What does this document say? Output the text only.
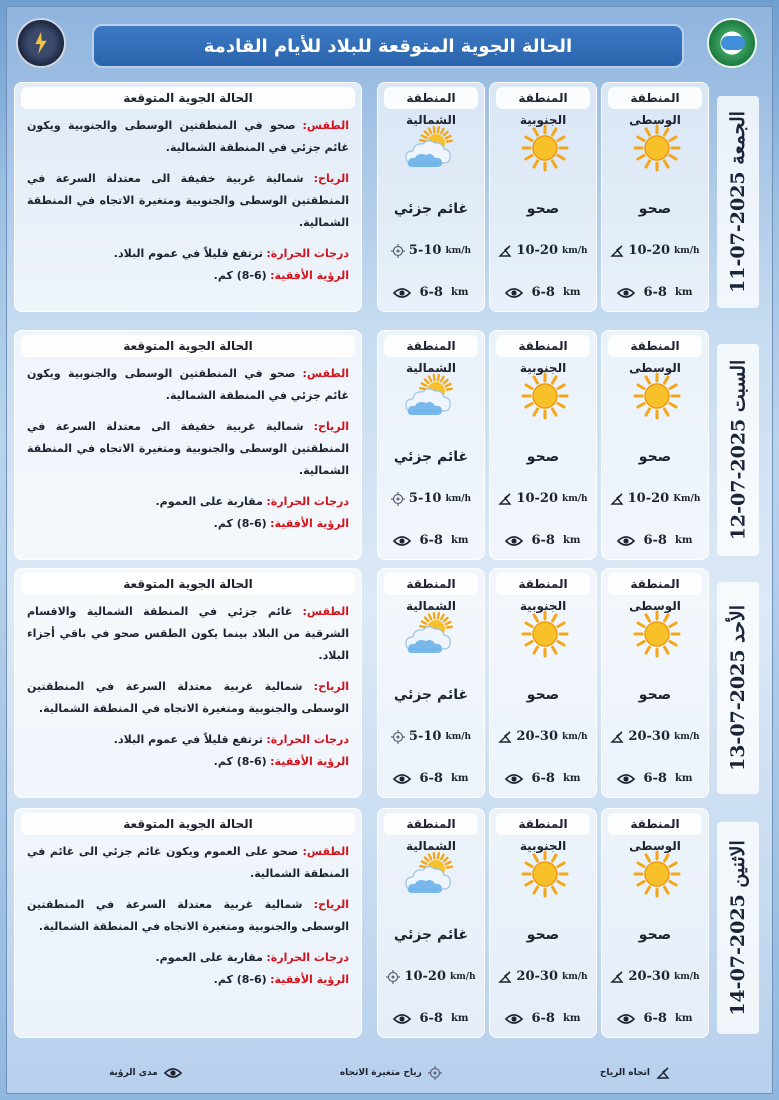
الحالة الجوية المتوقعة للبلاد للأيام القادمة
الجمعة 2025-07-11
المنطقة الوسطى
صحو
10-20 km/h
6-8 km
المنطقة الجنوبية
صحو
10-20 km/h
6-8 km
المنطقة الشمالية
غائم جزئي
5-10 km/h
6-8 km
الحالة الجوية المتوقعة

الطقس: صحو في المنطقتين الوسطى والجنوبية ويكون غائم جزئي في المنطقة الشمالية.

الرياح: شمالية غربية خفيفة الى معتدلة السرعة في المنطقتين الوسطى والجنوبية ومتغيرة الاتجاه في المنطقة الشمالية.

درجات الحرارة: ترتفع قليلاً في عموم البلاد.

الرؤية الأفقية: (6-8) كم.

السبت 2025-07-12
المنطقة الوسطى
صحو
10-20 Km/h
6-8 km
المنطقة الجنوبية
صحو
10-20 km/h
6-8 km
المنطقة الشمالية
غائم جزئي
5-10 km/h
6-8 km
الحالة الجوية المتوقعة

الطقس: صحو في المنطقتين الوسطى والجنوبية ويكون غائم جزئي في المنطقة الشمالية.

الرياح: شمالية غربية خفيفة الى معتدلة السرعة في المنطقتين الوسطى والجنوبية ومتغيرة الاتجاه في المنطقة الشمالية.

درجات الحرارة: مقاربة على العموم.

الرؤية الأفقية: (6-8) كم.

الأحد 2025-07-13
المنطقة الوسطى
صحو
20-30 km/h
6-8 km
المنطقة الجنوبية
صحو
20-30 km/h
6-8 km
المنطقة الشمالية
غائم جزئي
5-10 km/h
6-8 km
الحالة الجوية المتوقعة

الطقس: غائم جزئي في المنطقة الشمالية والاقسام الشرقية من البلاد بينما يكون الطقس صحو في باقي أجزاء البلاد.

الرياح: شمالية غربية معتدلة السرعة في المنطقتين الوسطى والجنوبية ومتغيرة الاتجاه في المنطقة الشمالية.

درجات الحرارة: ترتفع قليلاً في عموم البلاد.

الرؤية الأفقية: (6-8) كم.

الاثنين 2025-07-14
المنطقة الوسطى
صحو
20-30 km/h
6-8 km
المنطقة الجنوبية
صحو
20-30 km/h
6-8 km
المنطقة الشمالية
غائم جزئي
10-20 km/h
6-8 km
الحالة الجوية المتوقعة

الطقس: صحو على العموم ويكون غائم جزئي الى غائم في المنطقة الشمالية.

الرياح: شمالية غربية معتدلة السرعة في المنطقتين الوسطى والجنوبية ومتغيرة الاتجاه في المنطقة الشمالية.

درجات الحرارة: مقاربة على العموم.

الرؤية الأفقية: (6-8) كم.

اتجاه الرياح
رياح متغيرة الاتجاه
مدى الرؤية
